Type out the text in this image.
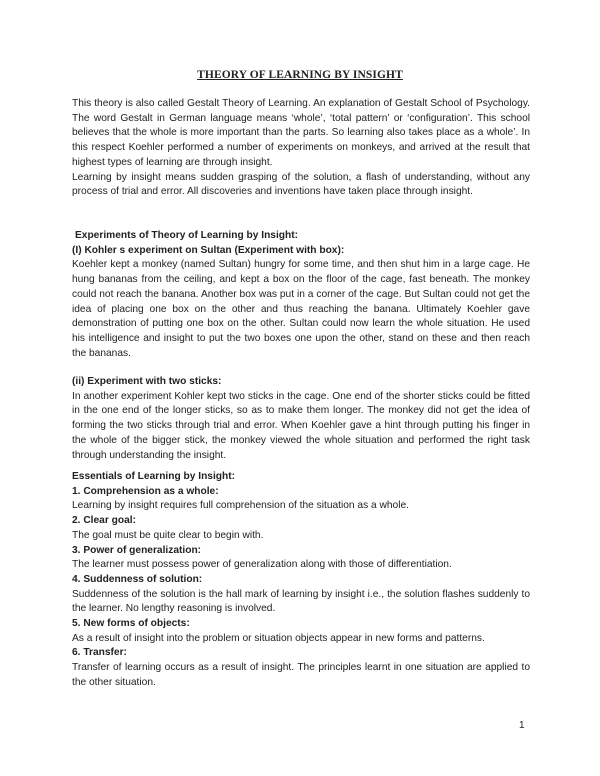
THEORY OF LEARNING BY INSIGHT

This theory is also called Gestalt Theory of Learning. An explanation of Gestalt School of Psychology. The word Gestalt in German language means ‘whole’, ‘total pattern’ or ‘configuration’. This school believes that the whole is more important than the parts. So learning also takes place as a whole’. In this respect Koehler performed a number of experiments on monkeys, and arrived at the result that highest types of learning are through insight.

Learning by insight means sudden grasping of the solution, a flash of understanding, without any process of trial and error. All discoveries and inventions have taken place through insight.

Experiments of Theory of Learning by Insight:
(I) Kohler s experiment on Sultan (Experiment with box):

Koehler kept a monkey (named Sultan) hungry for some time, and then shut him in a large cage. He hung bananas from the ceiling, and kept a box on the floor of the cage, fast beneath. The monkey could not reach the banana. Another box was put in a corner of the cage. But Sultan could not get the idea of placing one box on the other and thus reaching the banana. Ultimately Koehler gave demonstration of putting one box on the other. Sultan could now learn the whole situation. He used his intelligence and insight to put the two boxes one upon the other, stand on these and then reach the bananas.

(ii) Experiment with two sticks:

In another experiment Kohler kept two sticks in the cage. One end of the shorter sticks could be fitted in the one end of the longer sticks, so as to make them longer. The monkey did not get the idea of forming the two sticks through trial and error. When Koehler gave a hint through putting his finger in the whole of the bigger stick, the monkey viewed the whole situation and performed the right task through understanding the insight.

Essentials of Learning by Insight:
1. Comprehension as a whole:

Learning by insight requires full comprehension of the situation as a whole.

2. Clear goal:

The goal must be quite clear to begin with.

3. Power of generalization:

The learner must possess power of generalization along with those of differentiation.

4. Suddenness of solution:

Suddenness of the solution is the hall mark of learning by insight i.e., the solution flashes suddenly to the learner. No lengthy reasoning is involved.

5. New forms of objects:

As a result of insight into the problem or situation objects appear in new forms and patterns.

6. Transfer:

Transfer of learning occurs as a result of insight. The principles learnt in one situation are applied to the other situation.

1
